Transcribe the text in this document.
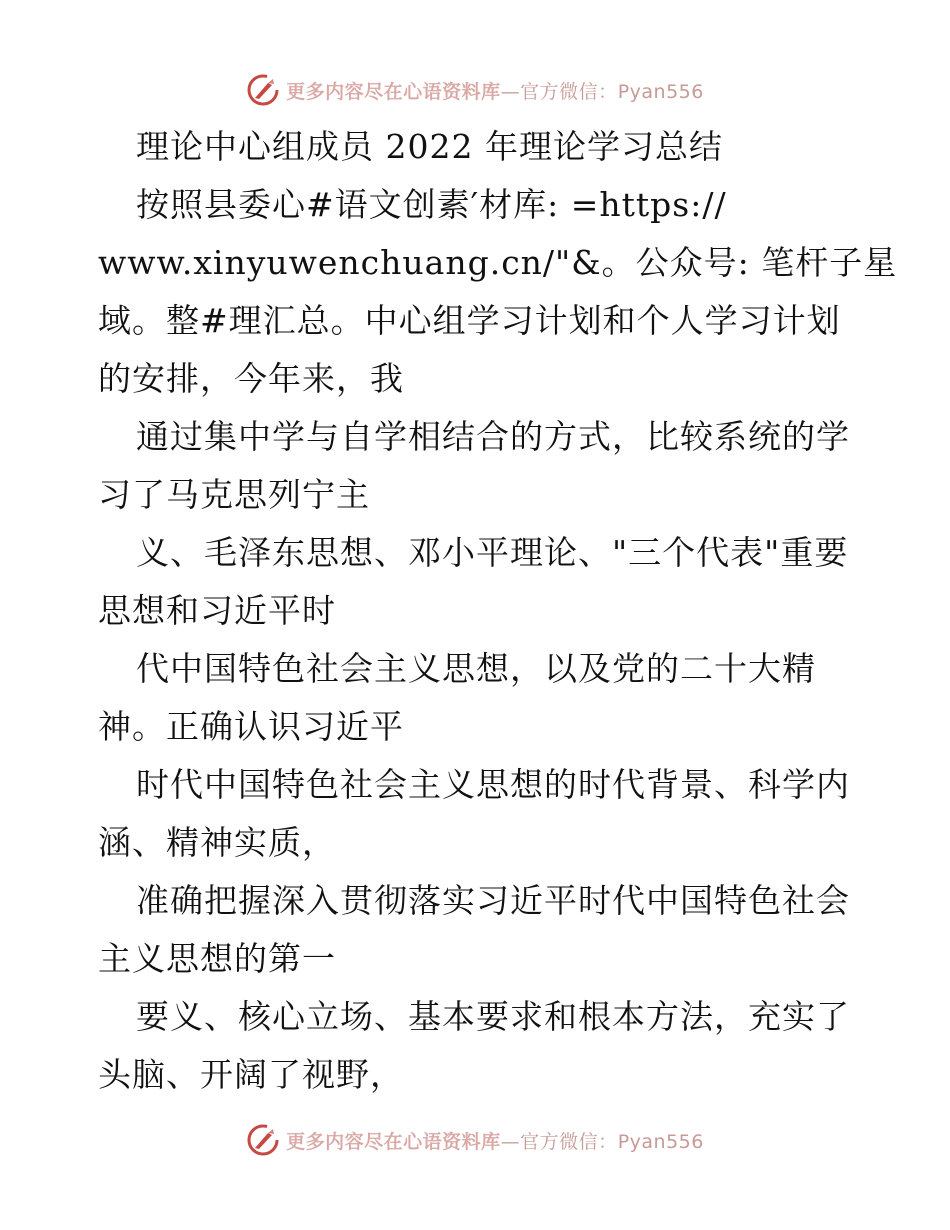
更多内容尽在心语资料库—官方微信：Pyan556
理论中心组成员 2022 年理论学习总结
按照县委心#语文创素′材库: =https://
www.xinyuwenchuang.cn/"&。公众号: 笔杆子星
域。整#理汇总。中心组学习计划和个人学习计划
的安排，今年来，我
通过集中学与自学相结合的方式，比较系统的学
习了马克思列宁主
义、毛泽东思想、邓小平理论、"三个代表"重要
思想和习近平时
代中国特色社会主义思想，以及党的二十大精
神。正确认识习近平
时代中国特色社会主义思想的时代背景、科学内
涵、精神实质，
准确把握深入贯彻落实习近平时代中国特色社会
主义思想的第一
要义、核心立场、基本要求和根本方法，充实了
头脑、开阔了视野，
更多内容尽在心语资料库—官方微信：Pyan556
